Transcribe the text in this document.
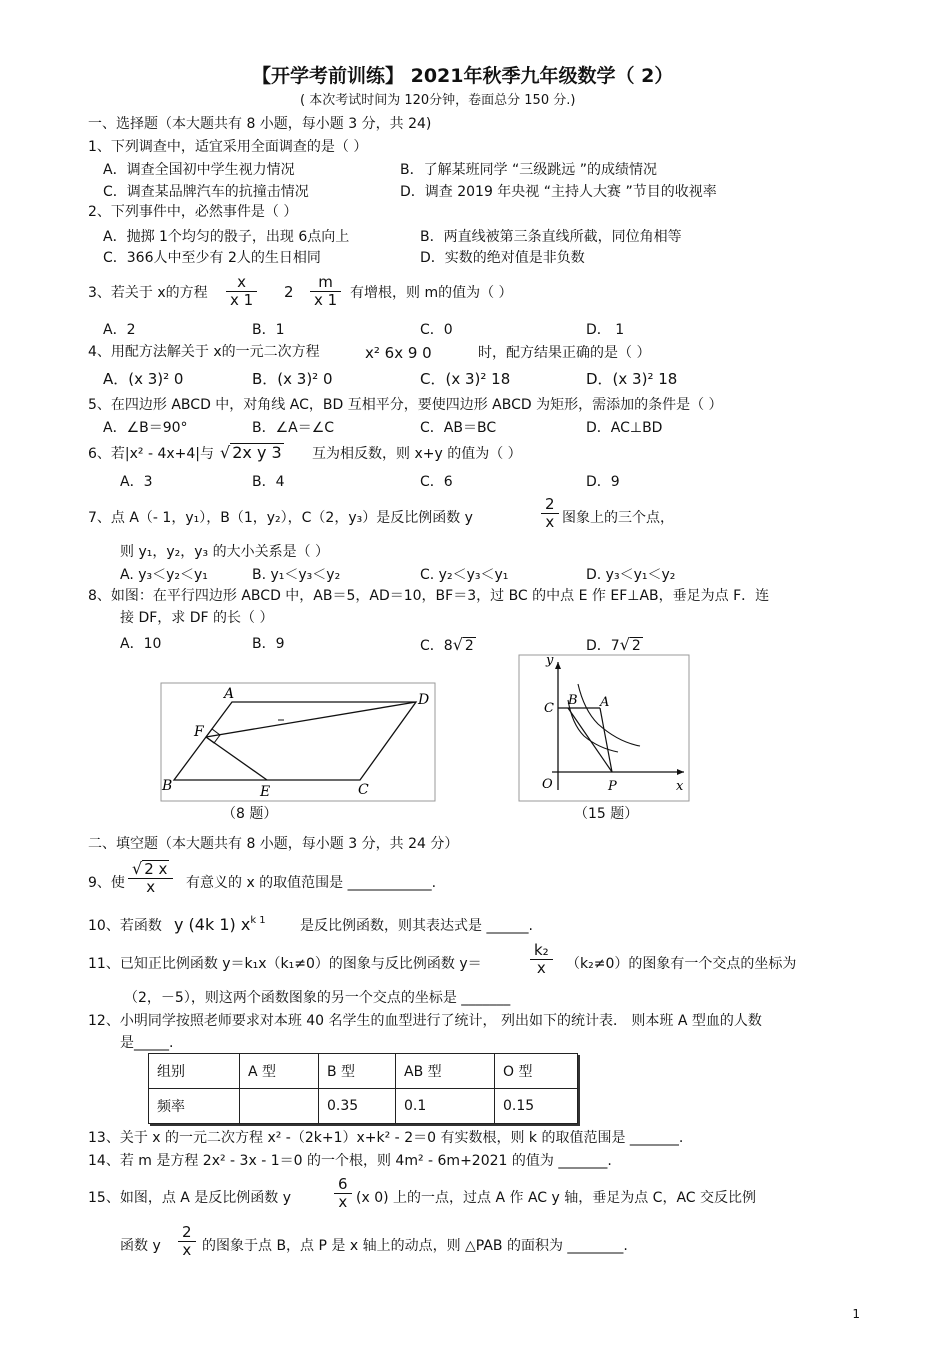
【开学考前训练】 2021年秋季九年级数学（ 2）
( 本次考试时间为 120分钟，卷面总分 150 分.)
一、选择题（本大题共有 8 小题，每小题 3 分，共 24)
1、下列调查中，适宜采用全面调查的是（ ）
A．调查全国初中学生视力情况	B．了解某班同学 “三级跳远 ”的成绩情况
C．调查某品牌汽车的抗撞击情况	D．调查 2019 年央视 “主持人大赛 ”节目的收视率
2、下列事件中，必然事件是（ ）
A．抛掷 1个均匀的骰子，出现 6点向上	B．两直线被第三条直线所截，同位角相等
C．366人中至少有 2人的生日相同	D．实数的绝对值是非负数
3、若关于 x的方程 $\frac{x}{x 1} 2 \frac{m}{x 1}$ 有增根，则 m的值为（ ）
A．2	B．1	C．0	D． 1
4、用配方法解关于 x的一元二次方程	x² 6x 9 0	时，配方结果正确的是（ ）
A．(x 3)² 0	B．(x 3)² 0	C．(x 3)² 18	D．(x 3)² 18
5、在四边形 ABCD 中，对角线 AC，BD 互相平分，要使四边形 ABCD 为矩形，需添加的条件是（ ）
A．∠B＝90°	B．∠A＝∠C	C．AB＝BC	D．AC⊥BD
6、若|x² - 4x+4|与 √ 2x y 3 互为相反数，则 x+y 的值为（ ）
A．3	B．4	C．6	D．9
7、点 A（- 1，y₁），B（1，y₂），C（2，y₃）是反比例函数 y	$\frac{2}{x}$ 图象上的三个点，
则 y₁，y₂，y₃ 的大小关系是（ ）
A. y₃＜y₂＜y₁	B. y₁＜y₃＜y₂	C. y₂＜y₃＜y₁	D. y₃＜y₁＜y₂
8、如图：在平行四边形 ABCD 中，AB＝5，AD＝10，BF＝3，过 BC 的中点 E 作 EF⊥AB，垂足为点 F．连
接 DF，求 DF 的长（ ）
A．10	B．9	C．8√ 2	D．7√ 2
A	D
B	C
E
F
（8 题）
y
x
O	P
B A
C
（15 题）
二、填空题（本大题共有 8 小题，每小题 3 分，共 24 分）
9、使 $\frac{√ 2 x}{x}$ 有意义的 x 的取值范围是 ____________.
10、若函数 y (4k 1) $x^{k 1}$ 是反比例函数，则其表达式是 ______.
11、已知正比例函数 y＝k₁x（k₁≠0）的图象与反比例函数 y＝	$\frac{\text{k₂}}{x} (k_2\ne 0)$的图象有一个交点的坐标为
（2，－5），则这两个函数图象的另一个交点的坐标是 _______
12、小明同学按照老师要求对本班 40 名学生的血型进行了统计， 列出如下的统计表． 则本班 A 型血的人数
是_____.
组别	A 型	B 型	AB 型	O 型
频率		0.35	0.1	0.15
13、关于 x 的一元二次方程 x² -（2k+1）x+k² - 2＝0 有实数根，则 k 的取值范围是 _______.
14、若 m 是方程 2x² - 3x - 1＝0 的一个根，则 4m² - 6m+2021 的值为 _______.
15、如图，点 A 是反比例函数 y	$\frac{6}{x} (x$ 0) 上的一点，过点 A 作 AC y 轴，垂足为点 C，AC 交反比例
函数 y $\frac{2}{x}$ 的图象于点 B，点 P 是 x 轴上的动点，则 △PAB 的面积为 ________.
1
